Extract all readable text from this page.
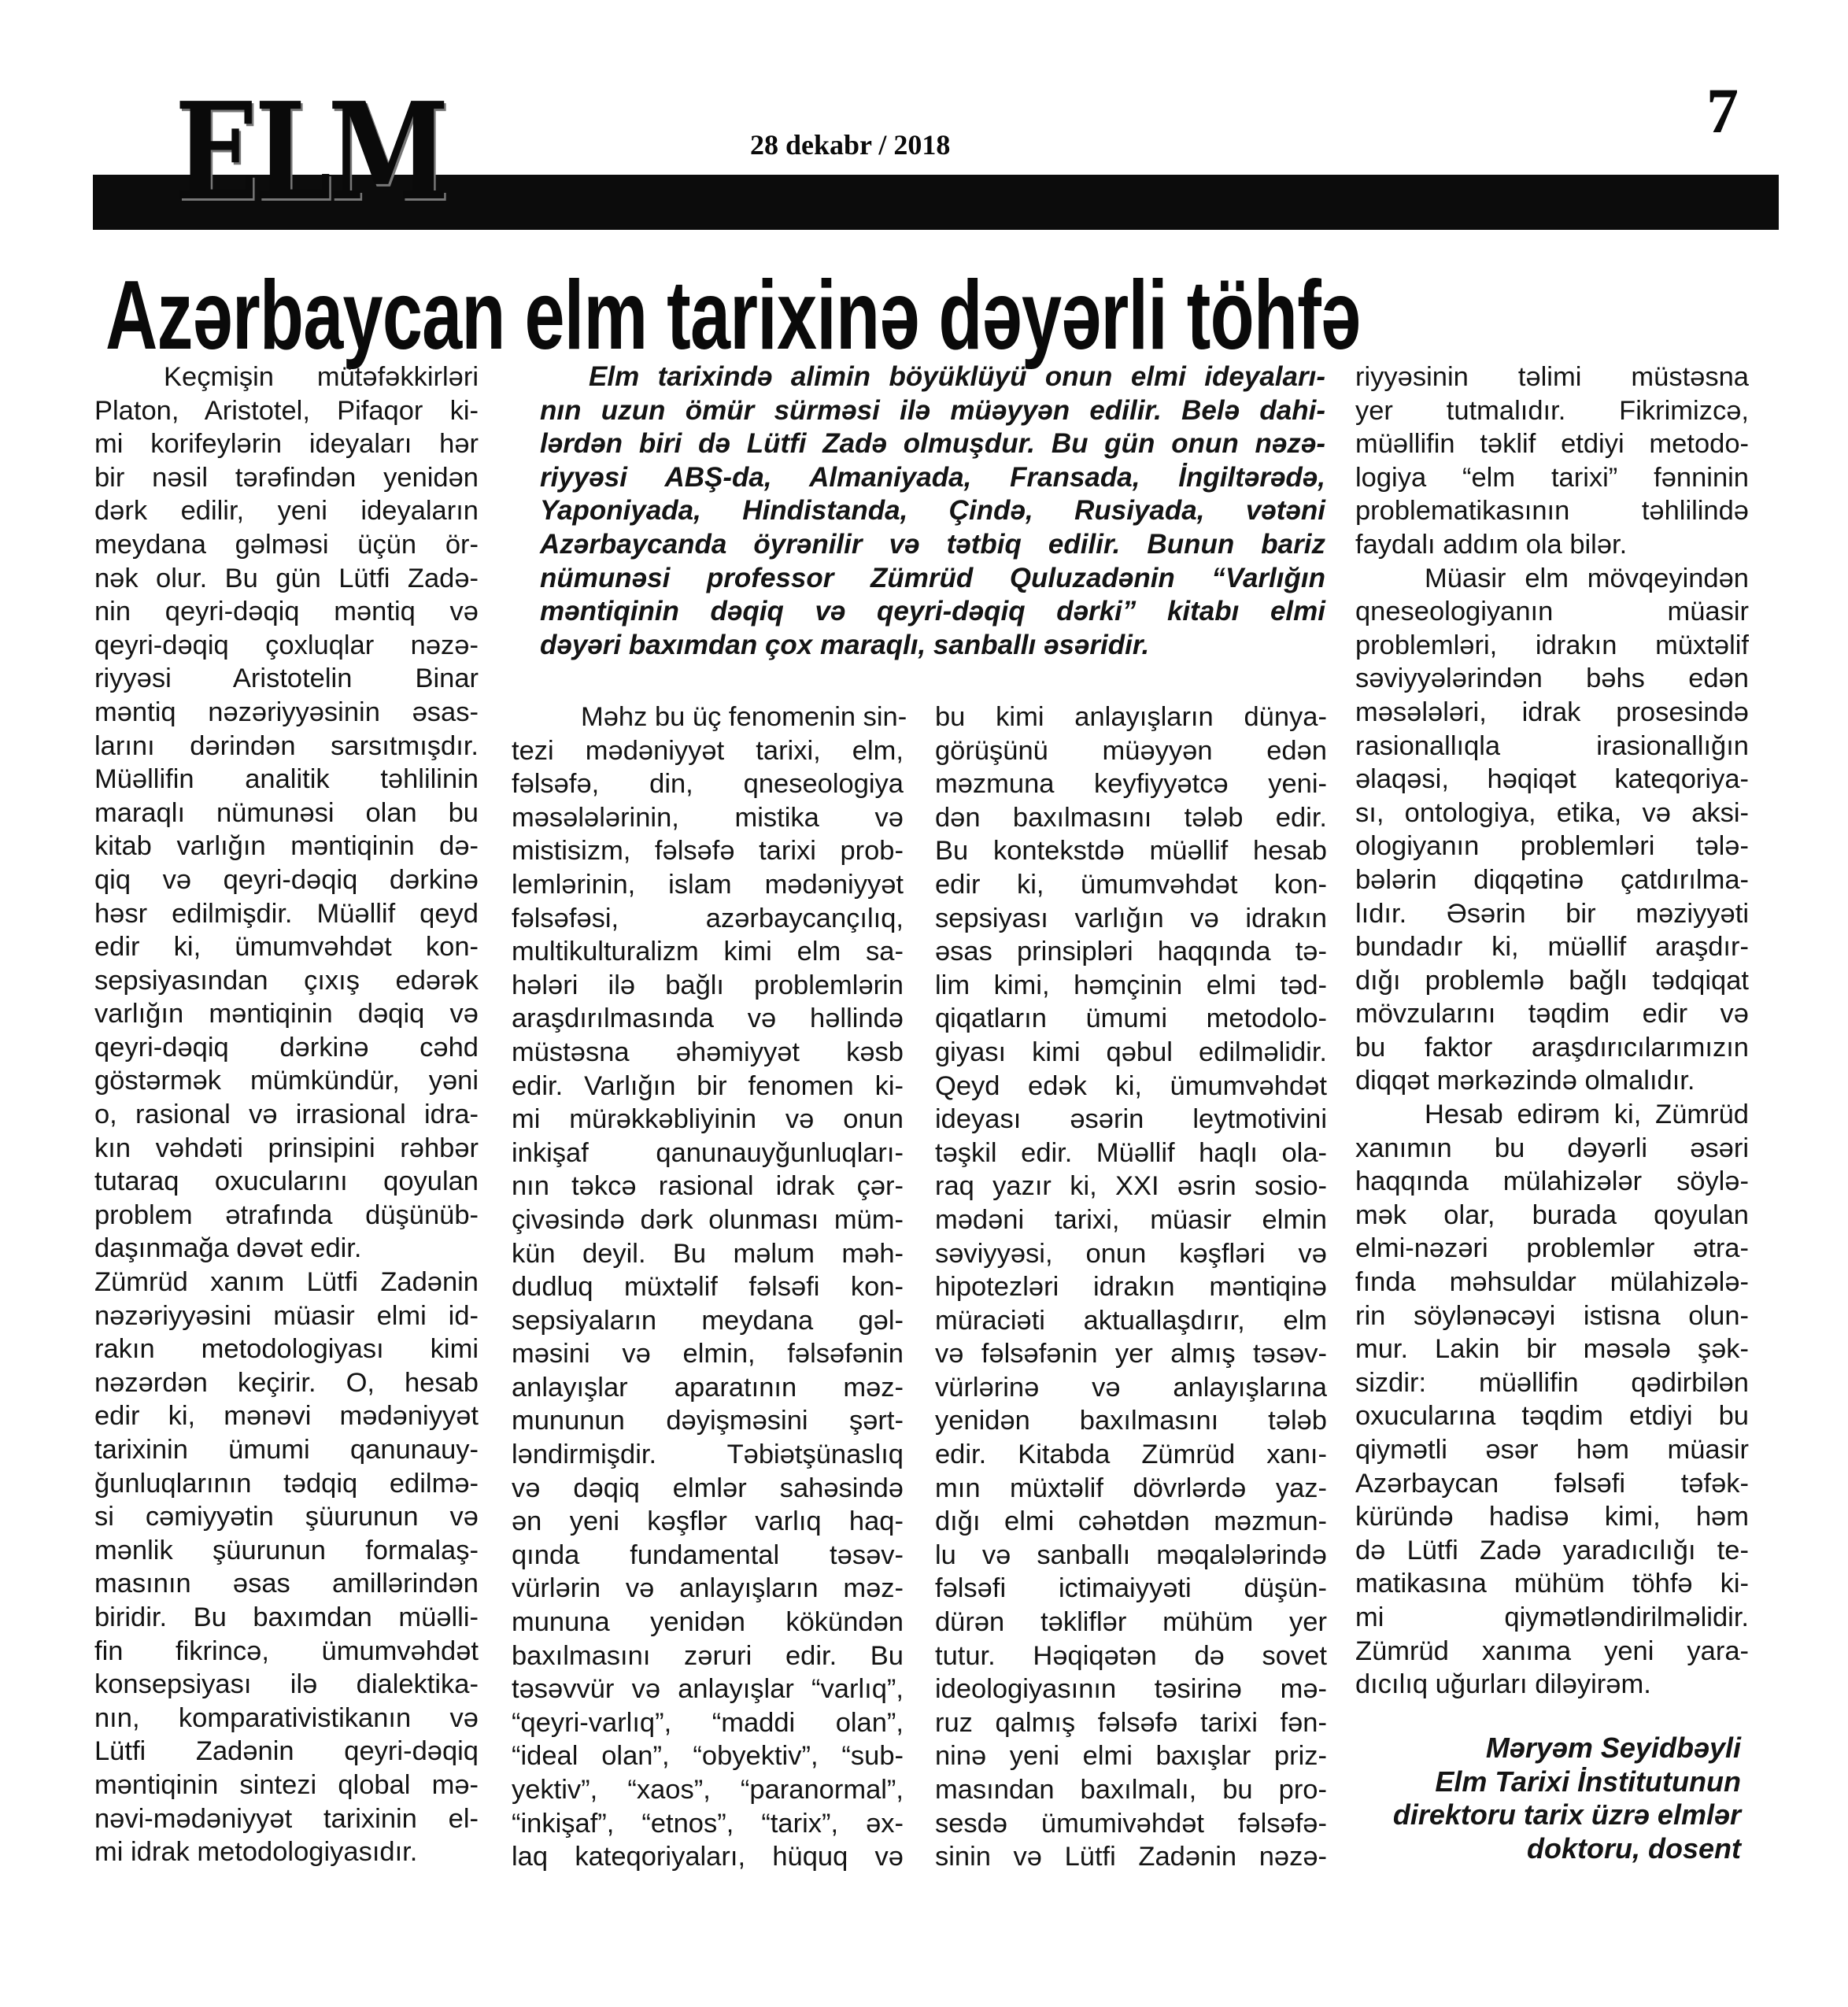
ELM	28 dekabr / 2018	7
Azərbaycan elm tarixinə dəyərli töhfə
Keçmişin mütəfəkkirləri
Platon, Aristotel, Pifaqor ki-
mi korifeylərin ideyaları hər
bir nəsil tərəfindən yenidən
dərk edilir, yeni ideyaların
meydana gəlməsi üçün ör-
nək olur. Bu gün Lütfi Zadə-
nin qeyri-dəqiq məntiq və
qeyri-dəqiq çoxluqlar nəzə-
riyyəsi Aristotelin Binar
məntiq nəzəriyyəsinin əsas-
larını dərindən sarsıtmışdır.
Müəllifin analitik təhlilinin
maraqlı nümunəsi olan bu
kitab varlığın məntiqinin də-
qiq və qeyri-dəqiq dərkinə
həsr edilmişdir. Müəllif qeyd
edir ki, ümumvəhdət kon-
sepsiyasından çıxış edərək
varlığın məntiqinin dəqiq və
qeyri-dəqiq dərkinə cəhd
göstərmək mümkündür, yəni
o, rasional və irrasional idra-
kın vəhdəti prinsipini rəhbər
tutaraq oxucularını qoyulan
problem ətrafında düşünüb-
daşınmağa dəvət edir.
Zümrüd xanım Lütfi Zadənin
nəzəriyyəsini müasir elmi id-
rakın metodologiyası kimi
nəzərdən keçirir. O, hesab
edir ki, mənəvi mədəniyyət
tarixinin ümumi qanunauy-
ğunluqlarının tədqiq edilmə-
si cəmiyyətin şüurunun və
mənlik şüurunun formalaş-
masının əsas amillərindən
biridir. Bu baxımdan müəlli-
fin fikrincə, ümumvəhdət
konsepsiyası ilə dialektika-
nın, komparativistikanın və
Lütfi Zadənin qeyri-dəqiq
məntiqinin sintezi qlobal mə-
nəvi-mədəniyyət tarixinin el-
mi idrak metodologiyasıdır.
Elm tarixində alimin böyüklüyü onun elmi ideyaları-
nın uzun ömür sürməsi ilə müəyyən edilir. Belə dahi-
lərdən biri də Lütfi Zadə olmuşdur. Bu gün onun nəzə-
riyyəsi ABŞ-da, Almaniyada, Fransada, İngiltərədə,
Yaponiyada, Hindistanda, Çində, Rusiyada, vətəni
Azərbaycanda öyrənilir və tətbiq edilir. Bunun bariz
nümunəsi professor Zümrüd Quluzadənin “Varlığın
məntiqinin dəqiq və qeyri-dəqiq dərki” kitabı elmi
dəyəri baxımdan çox maraqlı, sanballı əsəridir.
Məhz bu üç fenomenin sin-
tezi mədəniyyət tarixi, elm,
fəlsəfə, din, qneseologiya
məsələlərinin, mistika və
mistisizm, fəlsəfə tarixi prob-
lemlərinin, islam mədəniyyət
fəlsəfəsi, azərbaycançılıq,
multikulturalizm kimi elm sa-
hələri ilə bağlı problemlərin
araşdırılmasında və həllində
müstəsna əhəmiyyət kəsb
edir. Varlığın bir fenomen ki-
mi mürəkkəbliyinin və onun
inkişaf qanunauyğunluqları-
nın təkcə rasional idrak çər-
çivəsində dərk olunması müm-
kün deyil. Bu məlum məh-
dudluq müxtəlif fəlsəfi kon-
sepsiyaların meydana gəl-
məsini və elmin, fəlsəfənin
anlayışlar aparatının məz-
mununun dəyişməsini şərt-
ləndirmişdir. Təbiətşünaslıq
və dəqiq elmlər sahəsində
ən yeni kəşflər varlıq haq-
qında fundamental təsəv-
vürlərin və anlayışların məz-
mununa yenidən kökündən
baxılmasını zəruri edir. Bu
təsəvvür və anlayışlar “varlıq”,
“qeyri-varlıq”, “maddi olan”,
“ideal olan”, “obyektiv”, “sub-
yektiv”, “xaos”, “paranormal”,
“inkişaf”, “etnos”, “tarix”, əx-
laq kateqoriyaları, hüquq və
bu kimi anlayışların dünya-
görüşünü müəyyən edən
məzmuna keyfiyyətcə yeni-
dən baxılmasını tələb edir.
Bu kontekstdə müəllif hesab
edir ki, ümumvəhdət kon-
sepsiyası varlığın və idrakın
əsas prinsipləri haqqında tə-
lim kimi, həmçinin elmi təd-
qiqatların ümumi metodolo-
giyası kimi qəbul edilməlidir.
Qeyd edək ki, ümumvəhdət
ideyası əsərin leytmotivini
təşkil edir. Müəllif haqlı ola-
raq yazır ki, XXI əsrin sosio-
mədəni tarixi, müasir elmin
səviyyəsi, onun kəşfləri və
hipotezləri idrakın məntiqinə
müraciəti aktuallaşdırır, elm
və fəlsəfənin yer almış təsəv-
vürlərinə və anlayışlarına
yenidən baxılmasını tələb
edir. Kitabda Zümrüd xanı-
mın müxtəlif dövrlərdə yaz-
dığı elmi cəhətdən məzmun-
lu və sanballı məqalələrində
fəlsəfi ictimaiyyəti düşün-
dürən təkliflər mühüm yer
tutur. Həqiqətən də sovet
ideologiyasının təsirinə mə-
ruz qalmış fəlsəfə tarixi fən-
ninə yeni elmi baxışlar priz-
masından baxılmalı, bu pro-
sesdə ümumivəhdət fəlsəfə-
sinin və Lütfi Zadənin nəzə-
riyyəsinin təlimi müstəsna
yer tutmalıdır. Fikrimizcə,
müəllifin təklif etdiyi metodo-
logiya “elm tarixi” fənninin
problematikasının təhlilində
faydalı addım ola bilər.
Müasir elm mövqeyindən
qneseologiyanın müasir
problemləri, idrakın müxtəlif
səviyyələrindən bəhs edən
məsələləri, idrak prosesində
rasionallıqla irasionallığın
əlaqəsi, həqiqət kateqoriya-
sı, ontologiya, etika, və aksi-
ologiyanın problemləri tələ-
bələrin diqqətinə çatdırılma-
lıdır. Əsərin bir məziyyəti
bundadır ki, müəllif araşdır-
dığı problemlə bağlı tədqiqat
mövzularını təqdim edir və
bu faktor araşdırıcılarımızın
diqqət mərkəzində olmalıdır.
Hesab edirəm ki, Zümrüd
xanımın bu dəyərli əsəri
haqqında mülahizələr söylə-
mək olar, burada qoyulan
elmi-nəzəri problemlər ətra-
fında məhsuldar mülahizələ-
rin söylənəcəyi istisna olun-
mur. Lakin bir məsələ şək-
sizdir: müəllifin qədirbilən
oxucularına təqdim etdiyi bu
qiymətli əsər həm müasir
Azərbaycan fəlsəfi təfək-
küründə hadisə kimi, həm
də Lütfi Zadə yaradıcılığı te-
matikasına mühüm töhfə ki-
mi qiymətləndirilməlidir.
Zümrüd xanıma yeni yara-
dıcılıq uğurları diləyirəm.
Məryəm Seyidbəyli
Elm Tarixi İnstitutunun
direktoru tarix üzrə elmlər
doktoru, dosent
